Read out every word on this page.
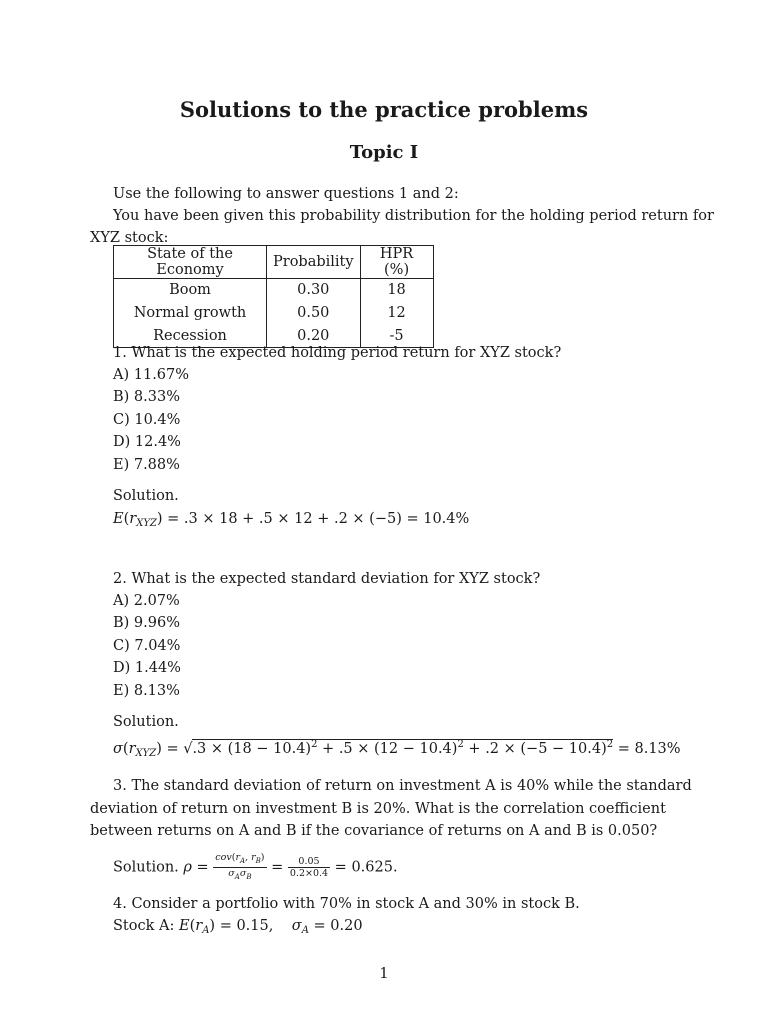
Solutions to the practice problems
Topic I
Use the following to answer questions 1 and 2:
You have been given this probability distribution for the holding period return for
XYZ stock:
State of the Economy	Probability	HPR (%)
Boom	0.30	18
Normal growth	0.50	12
Recession	0.20	-5
1. What is the expected holding period return for XYZ stock?
A) 11.67%
B) 8.33%
C) 10.4%
D) 12.4%
E) 7.88%
Solution.
$E(r_{XYZ}) = .3 \times 18 + .5 \times 12 + .2 \times (-5) = 10.4\%$
2. What is the expected standard deviation for XYZ stock?
A) 2.07%
B) 9.96%
C) 7.04%
D) 1.44%
E) 8.13%
Solution.
$\sigma(r_{XYZ}) = √.3 \times (18 - 10.4)^2 + .5 \times (12 - 10.4)^2 + .2 \times (-5 - 10.4)^2 = 8.13\%$
3. The standard deviation of return on investment A is 40% while the standard
deviation of return on investment B is 20%. What is the correlation coefficient
between returns on A and B if the covariance of returns on A and B is 0.050?
Solution. $\rho = \frac{cov(r_A, r_B)}{\sigma_A\sigma_B} = \frac{0.05}{0.2\times 0.4} = 0.625$.
4. Consider a portfolio with 70% in stock A and 30% in stock B.
Stock A: $E(r_A) = 0.15$, $\sigma_A = 0.20$
1
